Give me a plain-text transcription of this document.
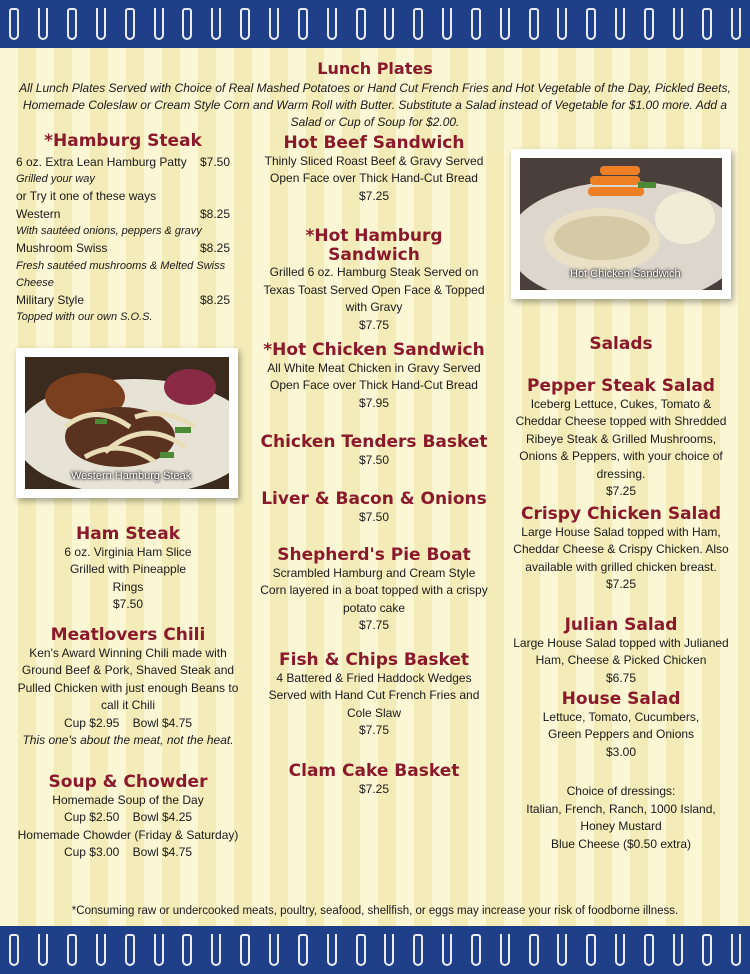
Lunch Plates
All Lunch Plates Served with Choice of Real Mashed Potatoes or Hand Cut French Fries and Hot Vegetable of the Day, Pickled Beets, Homemade Coleslaw or Cream Style Corn and Warm Roll with Butter. Substitute a Salad instead of Vegetable for $1.00 more. Add a Salad or Cup of Soup for $2.00.
*Hamburg Steak
6 oz. Extra Lean Hamburg Patty $7.50
Grilled your way
or Try it one of these ways
Western	$8.25
With sautéed onions, peppers & gravy
Mushroom Swiss	$8.25
Fresh sautéed mushrooms & Melted Swiss Cheese
Military Style	$8.25
Topped with our own S.O.S.
Western Hamburg Steak
Ham Steak
6 oz. Virginia Ham Slice Grilled with Pineapple Rings
$7.50
Meatlovers Chili
Ken's Award Winning Chili made with Ground Beef & Pork, Shaved Steak and Pulled Chicken with just enough Beans to call it Chili
Cup $2.95    Bowl $4.75
This one's about the meat, not the heat.
Soup & Chowder
Homemade Soup of the Day
Cup $2.50    Bowl $4.25
Homemade Chowder (Friday & Saturday)
Cup $3.00    Bowl $4.75
Hot Beef Sandwich
Thinly Sliced Roast Beef & Gravy Served Open Face over Thick Hand-Cut Bread
$7.25
*Hot Hamburg
Sandwich
Grilled 6 oz. Hamburg Steak Served on Texas Toast Served Open Face & Topped with Gravy
$7.75
*Hot Chicken Sandwich
All White Meat Chicken in Gravy Served Open Face over Thick Hand-Cut Bread
$7.95
Chicken Tenders Basket
$7.50
Liver & Bacon & Onions
$7.50
Shepherd's Pie Boat
Scrambled Hamburg and Cream Style Corn layered in a boat topped with a crispy potato cake
$7.75
Fish & Chips Basket
4 Battered & Fried Haddock Wedges Served with Hand Cut French Fries and Cole Slaw
$7.75
Clam Cake Basket
$7.25
Hot Chicken Sandwich
Salads
Pepper Steak Salad
Iceberg Lettuce, Cukes, Tomato & Cheddar Cheese topped with Shredded Ribeye Steak & Grilled Mushrooms, Onions & Peppers, with your choice of dressing.
$7.25
Crispy Chicken Salad
Large House Salad topped with Ham, Cheddar Cheese & Crispy Chicken. Also available with grilled chicken breast.
$7.25
Julian Salad
Large House Salad topped with Julianed Ham, Cheese & Picked Chicken
$6.75
House Salad
Lettuce, Tomato, Cucumbers, Green Peppers and Onions
$3.00
Choice of dressings:
Italian, French, Ranch, 1000 Island,
Honey Mustard
Blue Cheese ($0.50 extra)
*Consuming raw or undercooked meats, poultry, seafood, shellfish, or eggs may increase your risk of foodborne illness.
